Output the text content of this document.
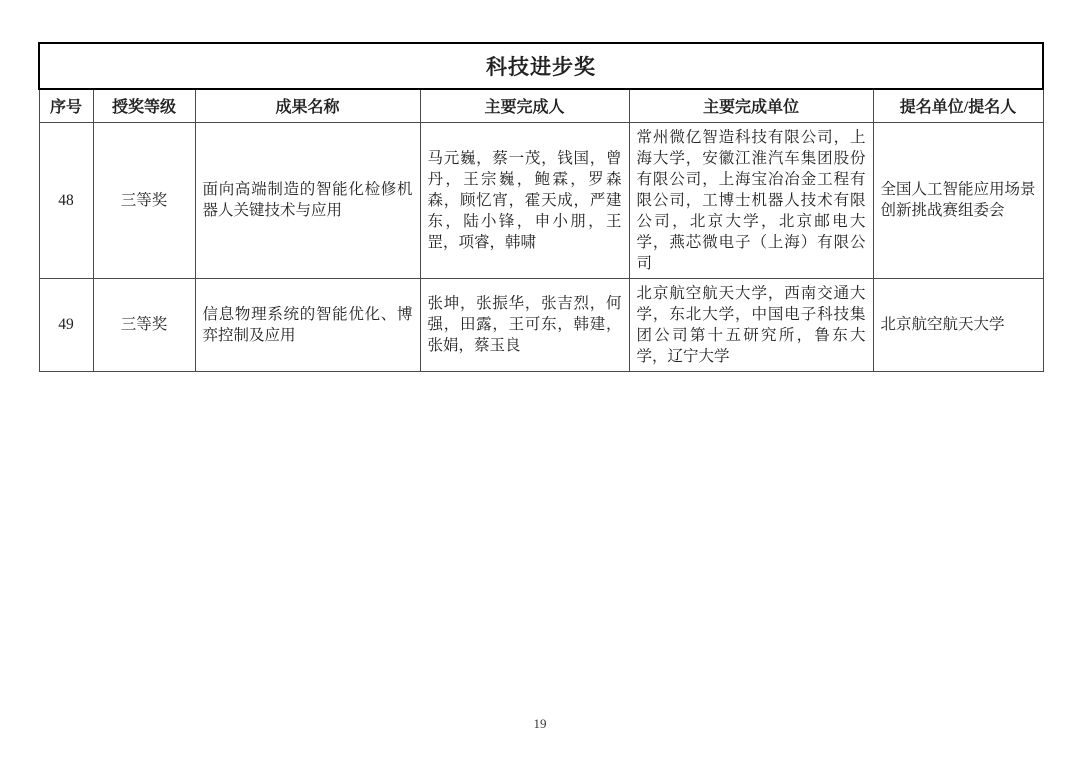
科技进步奖					
序号	授奖等级	成果名称	主要完成人	主要完成单位	提名单位/提名人
48	三等奖	面向高端制造的智能化检修机器人关键技术与应用	马元巍，蔡一茂，钱国，曾丹，王宗巍，鲍霖，罗森森，顾忆宵，霍天成，严建东，陆小锋，申小朋，王罡，项睿，韩啸	常州微亿智造科技有限公司，上海大学，安徽江淮汽车集团股份有限公司，上海宝冶冶金工程有限公司，工博士机器人技术有限公司，北京大学，北京邮电大学，燕芯微电子（上海）有限公司	全国人工智能应用场景创新挑战赛组委会
49	三等奖	信息物理系统的智能优化、博弈控制及应用	张坤，张振华，张吉烈，何强，田露，王可东，韩建，张娟，蔡玉良	北京航空航天大学，西南交通大学，东北大学，中国电子科技集团公司第十五研究所，鲁东大学，辽宁大学	北京航空航天大学
19
